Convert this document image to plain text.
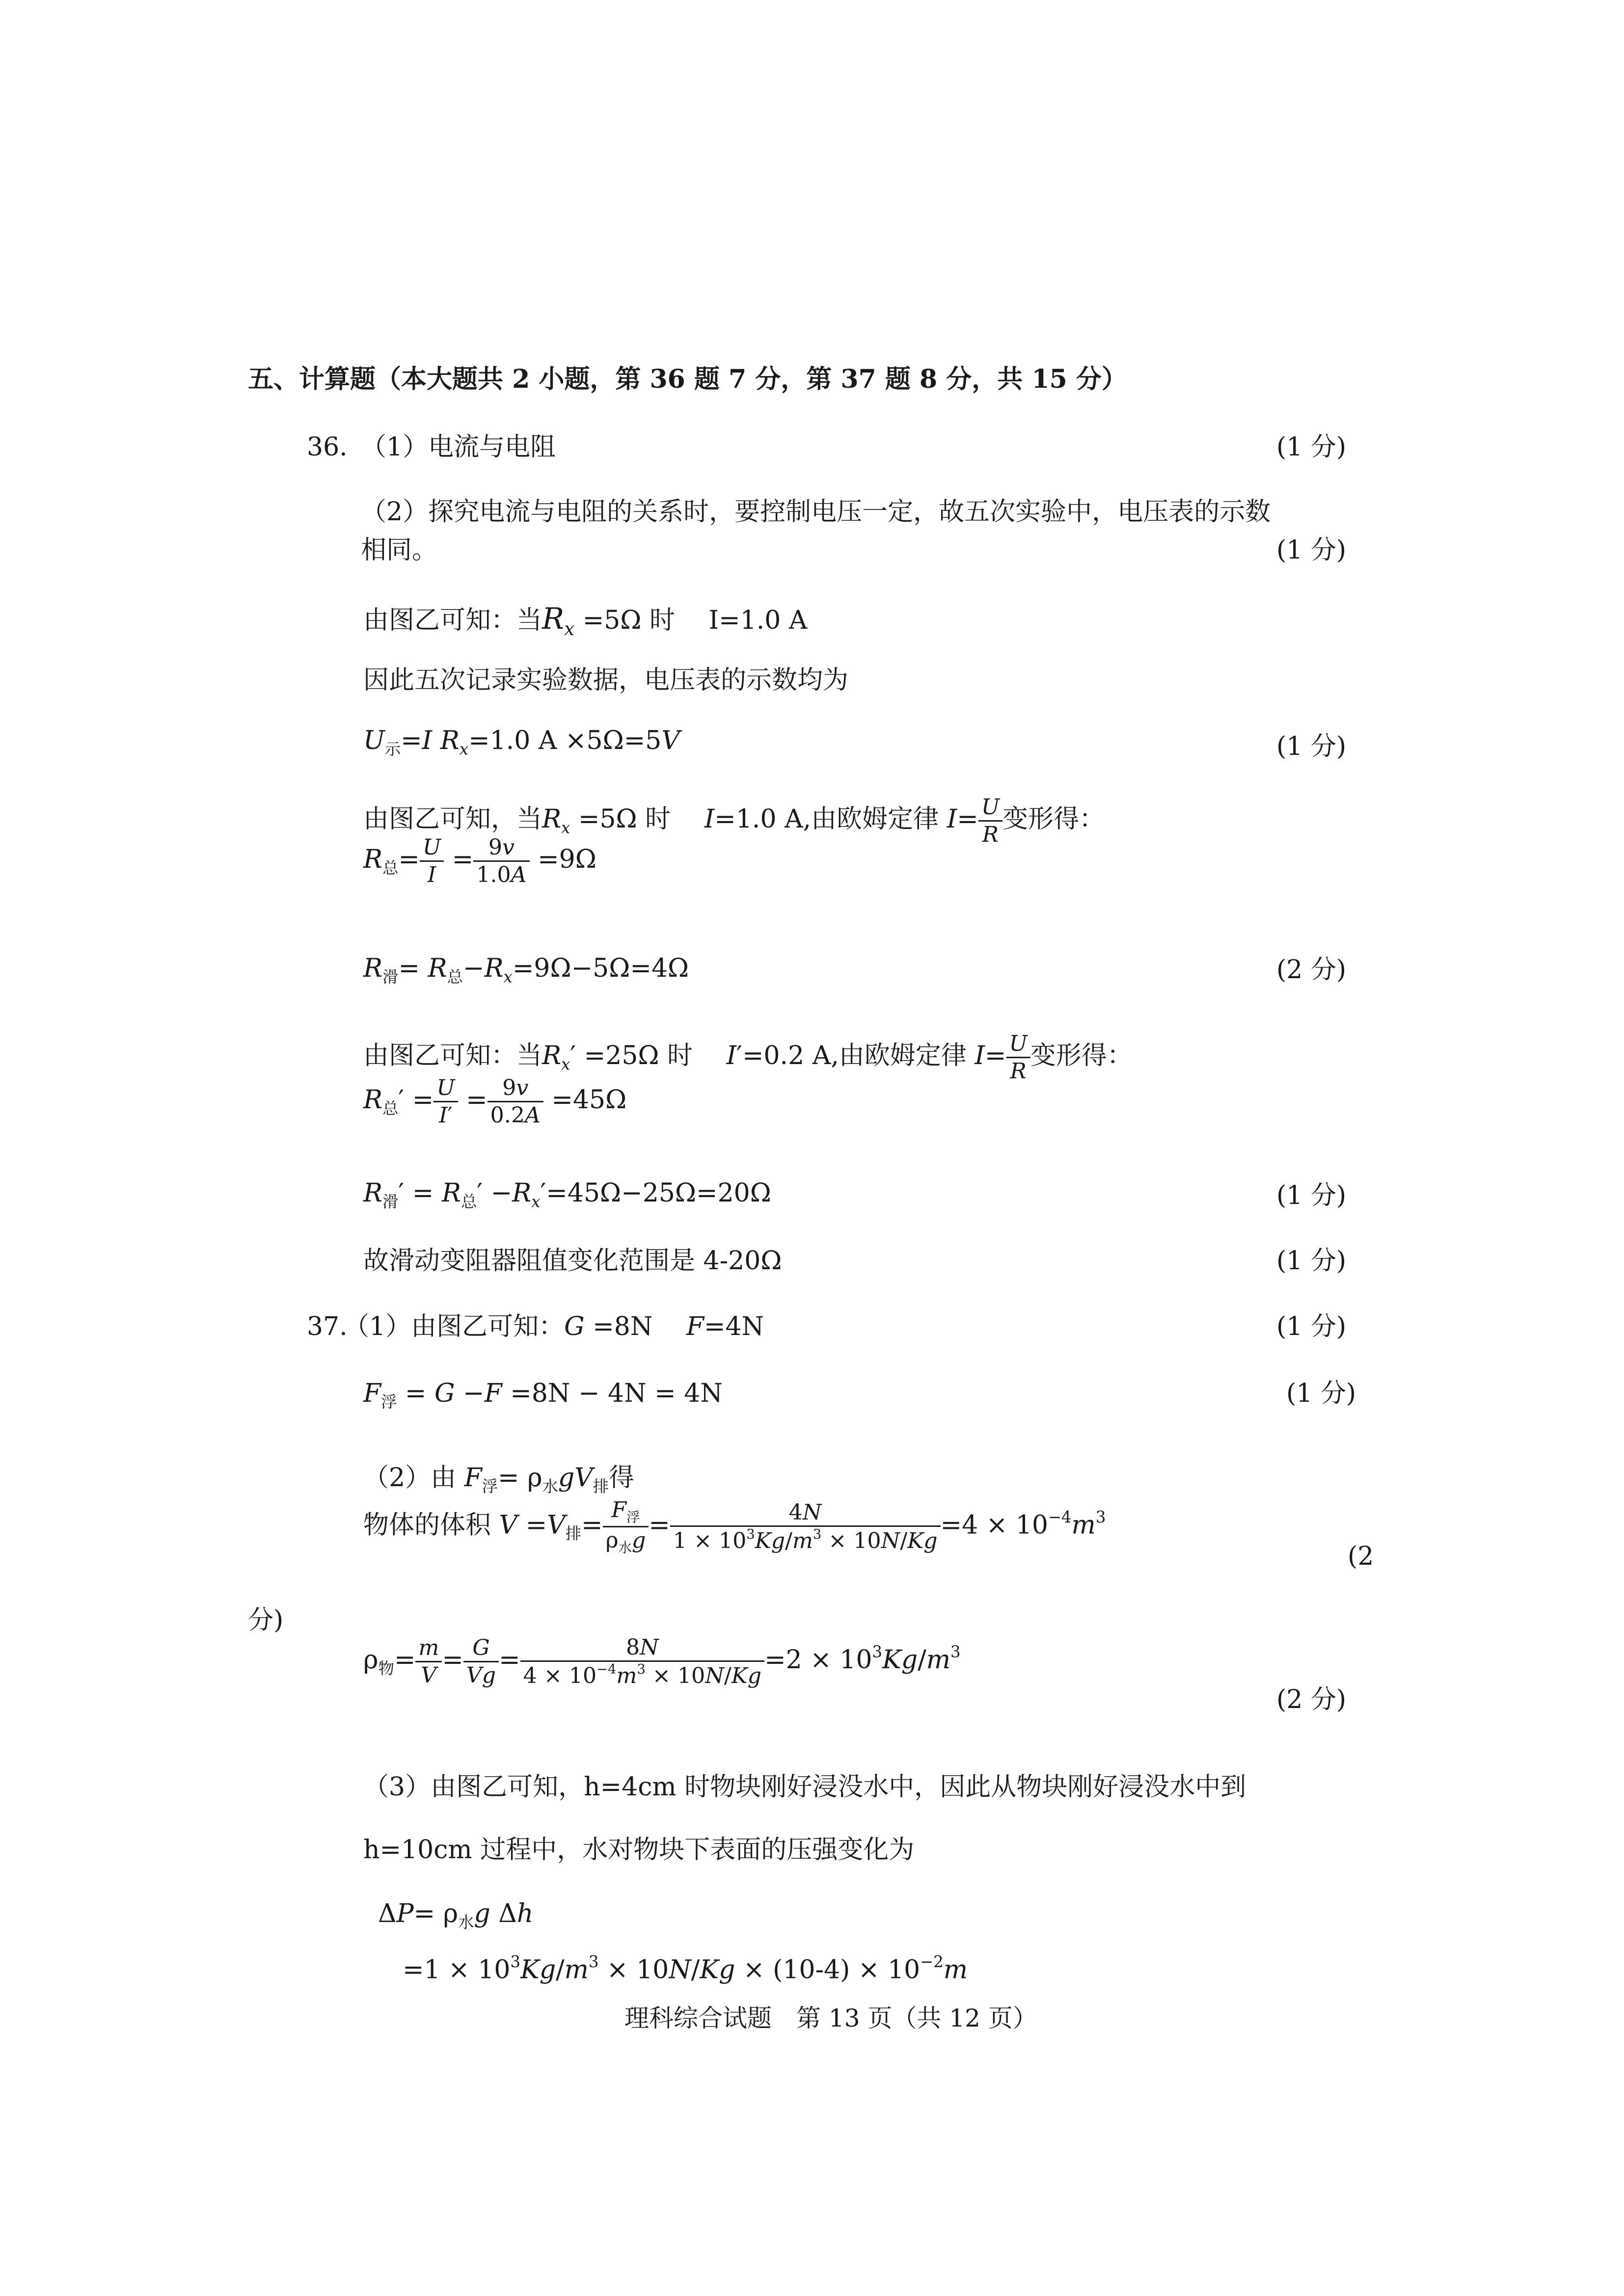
五、计算题（本大题共 2 小题，第 36 题 7 分，第 37 题 8 分，共 15 分）
36. （1）电流与电阻	(1 分)
（2）探究电流与电阻的关系时，要控制电压一定，故五次实验中，电压表的示数
相同。	(1 分)
由图乙可知：当$R_x =5\Omega$ 时　 I=1.0 A
因此五次记录实验数据，电压表的示数均为
$U_示=I$ $R_x=1.0$ A ×5Ω=5V	(1 分)
由图乙可知，当$R_x =5\Omega$ 时　 I=1.0 A,由欧姆定律 $I= \frac{U}{R}$ 变形得：
$R_总= \frac{U}{I} = \frac{9v}{1.0A} =9\Omega$
$R_滑= R_总-R_x=9\Omega-5\Omega=4\Omega$	(2 分)
由图乙可知：当$R_x' =25\Omega$ 时　 I′=0.2 A,由欧姆定律 $I= \frac{U}{R}$ 变形得：
$R_总' = \frac{U}{I'} = \frac{9v}{0.2A} =45\Omega$
$R_滑' = R_总' -R_x'=45\Omega-25\Omega=20\Omega$	(1 分)
故滑动变阻器阻值变化范围是 4-20Ω	(1 分)
37.
（1）由图乙可知：G =8N　 F=4N	(1 分)
$F_浮 = G -F =8N - 4N = 4N$	(1 分)
（2）由 $F_浮= \rho_水gV_排$得
物体的体积 $V =V_排= \frac{F_浮}{\rho_水g} = \frac{4N}{1 \times 10^3Kg/m^3 \times 10N/Kg} =4 \times 10^{-4}m^3$
(2
分)
$\rho_物= \frac{m}{V} = \frac{G}{Vg} = \frac{8N}{4 \times 10^{-4}m^3 \times 10N/Kg} =2 \times 10^3Kg/m^3$
(2 分)
（3）由图乙可知，h=4cm 时物块刚好浸没水中，因此从物块刚好浸没水中到
h=10cm 过程中，水对物块下表面的压强变化为
$\Delta P= \rho_水g$ Δh
$=1 \times 10^3Kg/m^3 \times 10N/Kg \times (10-4) \times 10^{-2}m$
理科综合试题　第 13 页（共 12 页）
